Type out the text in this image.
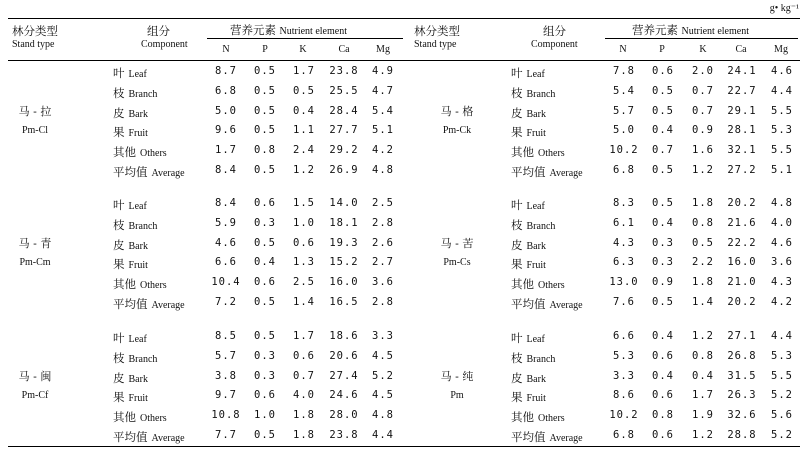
g• kg⁻¹
林分类型
Stand type
组分
Component
营养元素 Nutrient element	林分类型
Stand type
组分
Component
营养元素 Nutrient element
N	P	K	Ca	Mg	N	P	K	Ca	Mg
马 - 拉
Pm-Cl
叶 Leaf	8.7	0.5	1.7	23.8	4.9
枝 Branch	6.8	0.5	0.5	25.5	4.7
皮 Bark	5.0	0.5	0.4	28.4	5.4
果 Fruit	9.6	0.5	1.1	27.7	5.1
其他 Others	1.7	0.8	2.4	29.2	4.2
平均值 Average	8.4	0.5	1.2	26.9	4.8
马 - 青
Pm-Cm
叶 Leaf	8.4	0.6	1.5	14.0	2.5
枝 Branch	5.9	0.3	1.0	18.1	2.8
皮 Bark	4.6	0.5	0.6	19.3	2.6
果 Fruit	6.6	0.4	1.3	15.2	2.7
其他 Others	10.4	0.6	2.5	16.0	3.6
平均值 Average	7.2	0.5	1.4	16.5	2.8
马 - 闽
Pm-Cf
叶 Leaf	8.5	0.5	1.7	18.6	3.3
枝 Branch	5.7	0.3	0.6	20.6	4.5
皮 Bark	3.8	0.3	0.7	27.4	5.2
果 Fruit	9.7	0.6	4.0	24.6	4.5
其他 Others	10.8	1.0	1.8	28.0	4.8
平均值 Average	7.7	0.5	1.8	23.8	4.4
马 - 格
Pm-Ck
叶 Leaf	7.8	0.6	2.0	24.1	4.6
枝 Branch	5.4	0.5	0.7	22.7	4.4
皮 Bark	5.7	0.5	0.7	29.1	5.5
果 Fruit	5.0	0.4	0.9	28.1	5.3
其他 Others	10.2	0.7	1.6	32.1	5.5
平均值 Average	6.8	0.5	1.2	27.2	5.1
马 - 苦
Pm-Cs
叶 Leaf	8.3	0.5	1.8	20.2	4.8
枝 Branch	6.1	0.4	0.8	21.6	4.0
皮 Bark	4.3	0.3	0.5	22.2	4.6
果 Fruit	6.3	0.3	2.2	16.0	3.6
其他 Others	13.0	0.9	1.8	21.0	4.3
平均值 Average	7.6	0.5	1.4	20.2	4.2
马 - 纯
Pm
叶 Leaf	6.6	0.4	1.2	27.1	4.4
枝 Branch	5.3	0.6	0.8	26.8	5.3
皮 Bark	3.3	0.4	0.4	31.5	5.5
果 Fruit	8.6	0.6	1.7	26.3	5.2
其他 Others	10.2	0.8	1.9	32.6	5.6
平均值 Average	6.8	0.6	1.2	28.8	5.2
